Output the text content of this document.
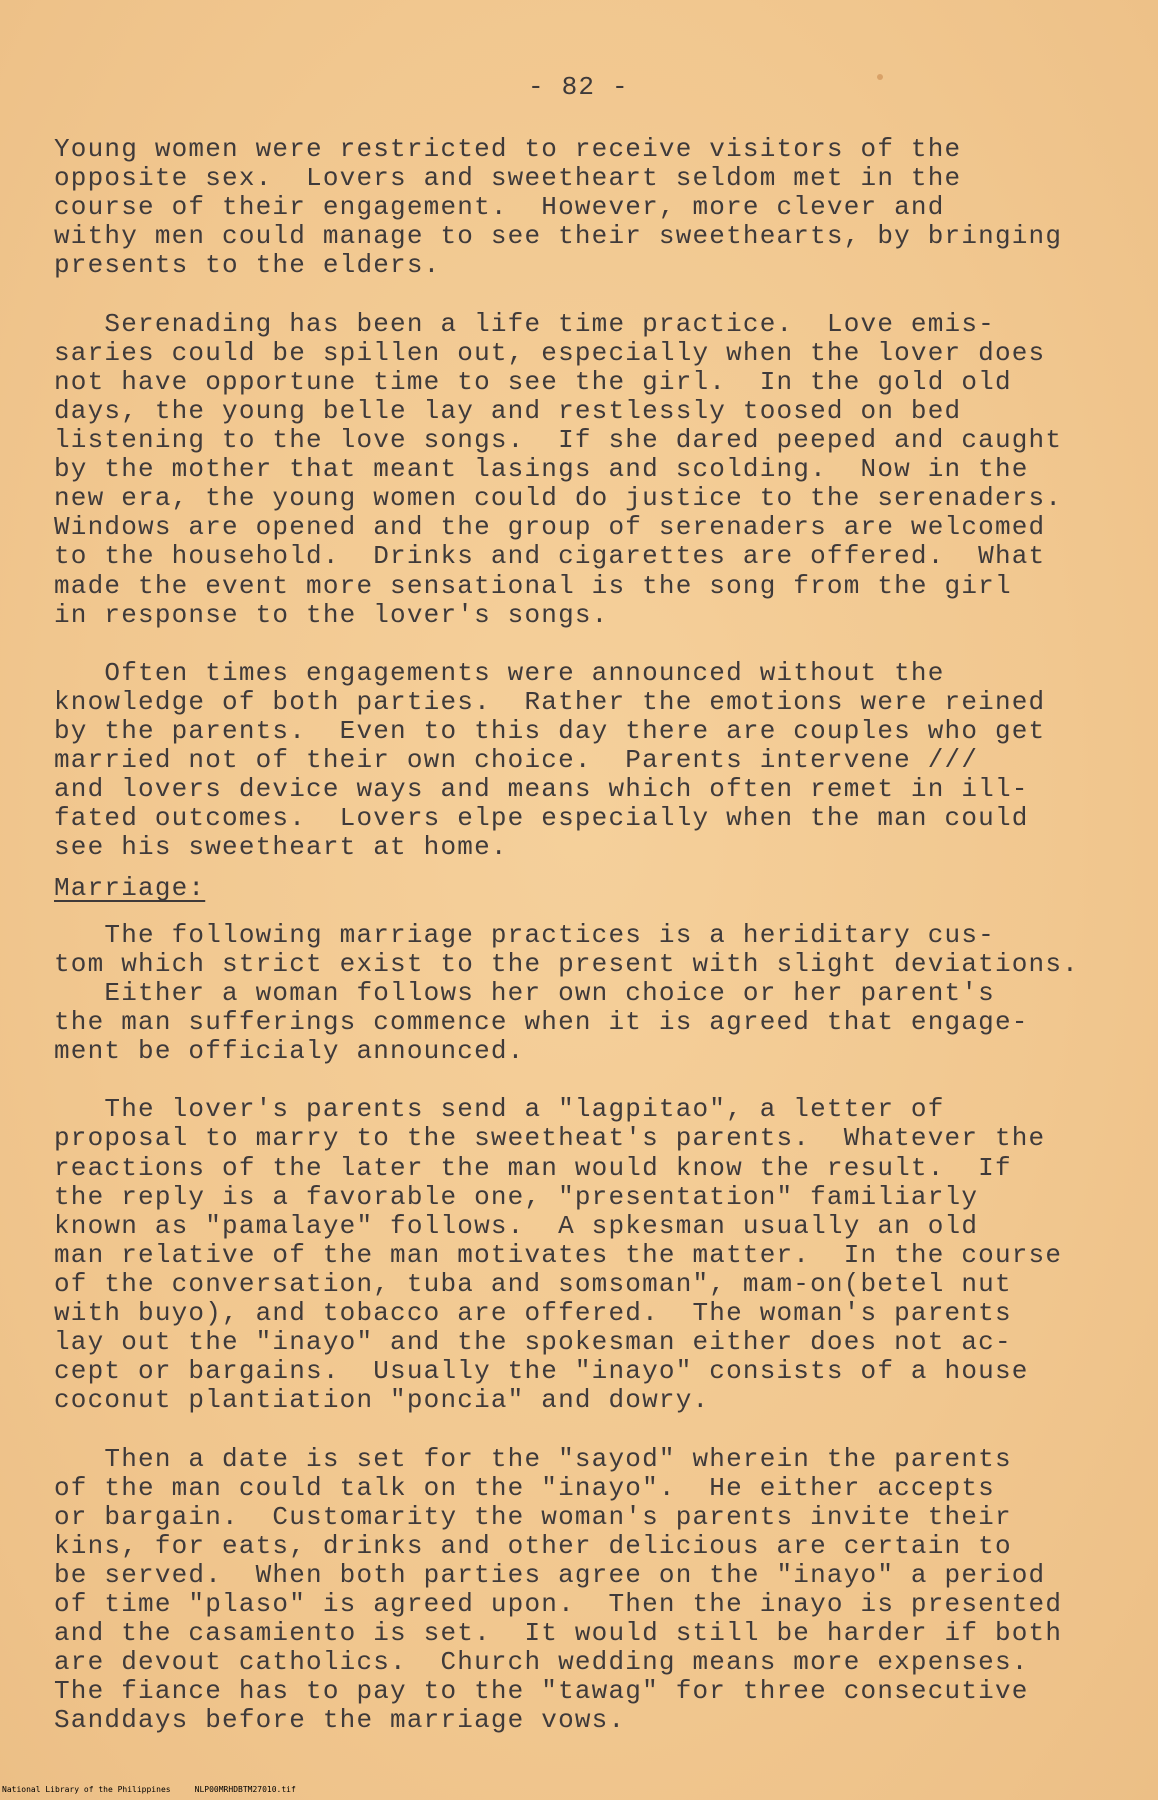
- 82 -
Young women were restricted to receive visitors of the
opposite sex.  Lovers and sweetheart seldom met in the
course of their engagement.  However, more clever and
withy men could manage to see their sweethearts, by bringing
presents to the elders.
Serenading has been a life time practice.  Love emis-
saries could be spillen out, especially when the lover does
not have opportune time to see the girl.  In the gold old
days, the young belle lay and restlessly toosed on bed
listening to the love songs.  If she dared peeped and caught
by the mother that meant lasings and scolding.  Now in the
new era, the young women could do justice to the serenaders.
Windows are opened and the group of serenaders are welcomed
to the household.  Drinks and cigarettes are offered.  What
made the event more sensational is the song from the girl
in response to the lover's songs.
Often times engagements were announced without the
knowledge of both parties.  Rather the emotions were reined
by the parents.  Even to this day there are couples who get
married not of their own choice.  Parents intervene ///
and lovers device ways and means which often remet in ill-
fated outcomes.  Lovers elpe especially when the man could
see his sweetheart at home.
The following marriage practices is a heriditary cus-
tom which strict exist to the present with slight deviations.
Either a woman follows her own choice or her parent's
the man sufferings commence when it is agreed that engage-
ment be officialy announced.
The lover's parents send a "lagpitao", a letter of
proposal to marry to the sweetheat's parents.  Whatever the
reactions of the later the man would know the result.  If
the reply is a favorable one, "presentation" familiarly
known as "pamalaye" follows.  A spkesman usually an old
man relative of the man motivates the matter.  In the course
of the conversation, tuba and somsoman", mam-on(betel nut
with buyo), and tobacco are offered.  The woman's parents
lay out the "inayo" and the spokesman either does not ac-
cept or bargains.  Usually the "inayo" consists of a house
coconut plantiation "poncia" and dowry.
Then a date is set for the "sayod" wherein the parents
of the man could talk on the "inayo".  He either accepts
or bargain.  Customarity the woman's parents invite their
kins, for eats, drinks and other delicious are certain to
be served.  When both parties agree on the "inayo" a period
of time "plaso" is agreed upon.  Then the inayo is presented
and the casamiento is set.  It would still be harder if both
are devout catholics.  Church wedding means more expenses.
The fiance has to pay to the "tawag" for three consecutive
Sanddays before the marriage vows.
Marriage:
National Library of the Philippines     NLP00MRHDBTM27010.tif
